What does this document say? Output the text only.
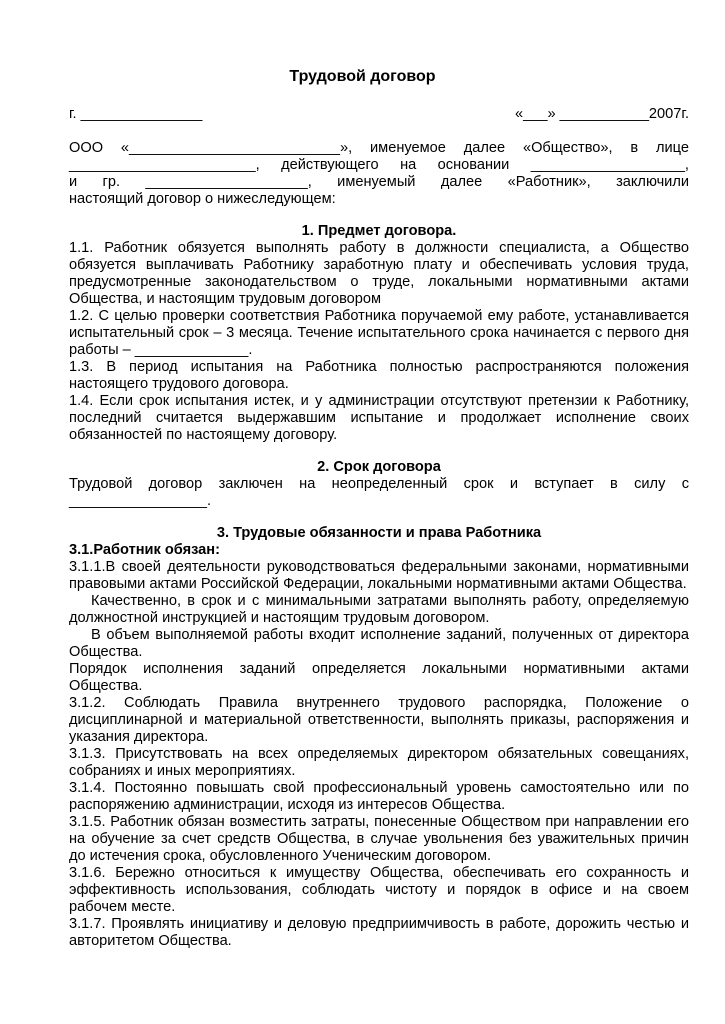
Трудовой договор
г. _______________	«___» ___________2007г.
ООО «__________________________», именуемое далее «Общество», в лице
_______________________, действующего на основании ___________________,
и гр. ____________________, именуемый далее «Работник», заключили
настоящий договор о нижеследующем:
1. Предмет договора.
1.1. Работник обязуется выполнять работу в должности специалиста, а Общество
обязуется выплачивать Работнику заработную плату и обеспечивать условия труда,
предусмотренные законодательством о труде, локальными нормативными актами
Общества, и настоящим трудовым договором
1.2. С целью проверки соответствия Работника поручаемой ему работе, устанавливается
испытательный срок – 3 месяца. Течение испытательного срока начинается с первого дня
работы – ______________.
1.3. В период испытания на Работника полностью распространяются положения
настоящего трудового договора.
1.4. Если срок испытания истек, и у администрации отсутствуют претензии к Работнику,
последний считается выдержавшим испытание и продолжает исполнение своих
обязанностей по настоящему договору.
2. Срок договора
Трудовой договор заключен на неопределенный срок и вступает в силу с
_________________.
3. Трудовые обязанности и права Работника
3.1.Работник обязан:
3.1.1.В своей деятельности руководствоваться федеральными законами, нормативными
правовыми актами Российской Федерации, локальными нормативными актами Общества.
Качественно, в срок и с минимальными затратами выполнять работу, определяемую
должностной инструкцией и настоящим трудовым договором.
В объем выполняемой работы входит исполнение заданий, полученных от директора
Общества.
Порядок исполнения заданий определяется локальными нормативными актами
Общества.
3.1.2. Соблюдать Правила внутреннего трудового распорядка, Положение о
дисциплинарной и материальной ответственности, выполнять приказы, распоряжения и
указания директора.
3.1.3. Присутствовать на всех определяемых директором обязательных совещаниях,
собраниях и иных мероприятиях.
3.1.4. Постоянно повышать свой профессиональный уровень самостоятельно или по
распоряжению администрации, исходя из интересов Общества.
3.1.5. Работник обязан возместить затраты, понесенные Обществом при направлении его
на обучение за счет средств Общества, в случае увольнения без уважительных причин
до истечения срока, обусловленного Ученическим договором.
3.1.6. Бережно относиться к имуществу Общества, обеспечивать его сохранность и
эффективность использования, соблюдать чистоту и порядок в офисе и на своем
рабочем месте.
3.1.7. Проявлять инициативу и деловую предприимчивость в работе, дорожить честью и
авторитетом Общества.
